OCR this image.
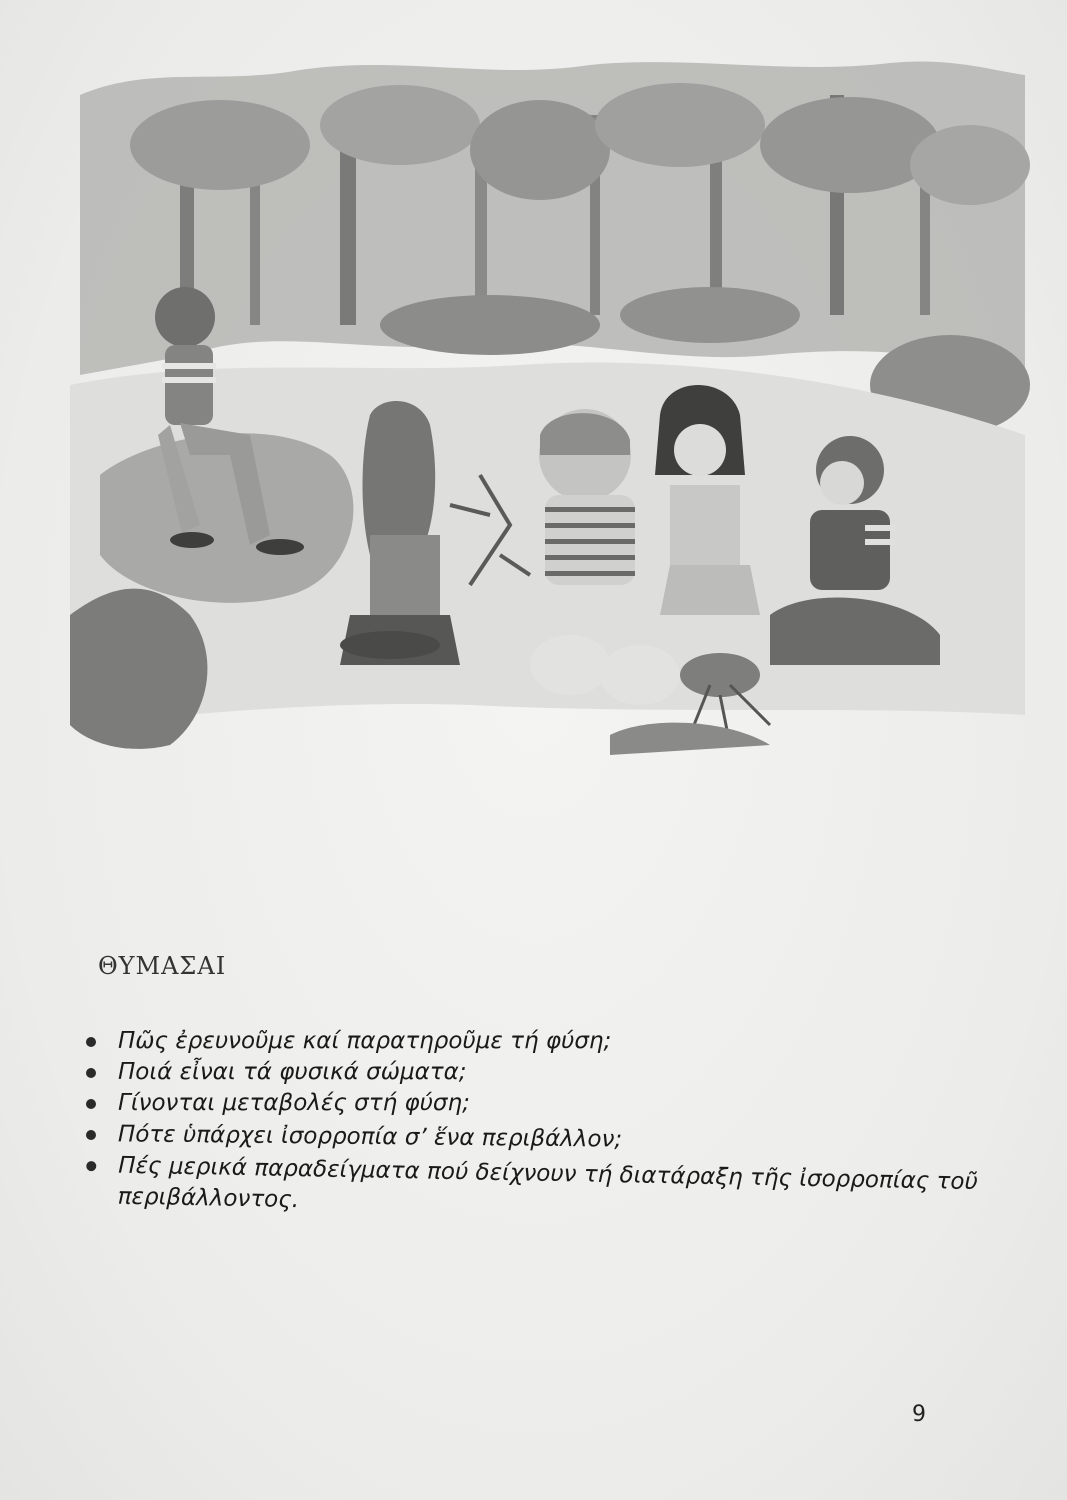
ΘΥΜΑΣΑΙ
Πῶς ἐρευνοῦμε καί παρατηροῦμε τή φύση;
Ποιά εἶναι τά φυσικά σώματα;
Γίνονται μεταβολές στή φύση;
Πότε ὑπάρχει ἰσορροπία σ’ ἕνα περιβάλλον;
Πές μερικά παραδείγματα πού δείχνουν τή διατάραξη τῆς ἰσορροπίας τοῦ περιβάλλοντος.
9
